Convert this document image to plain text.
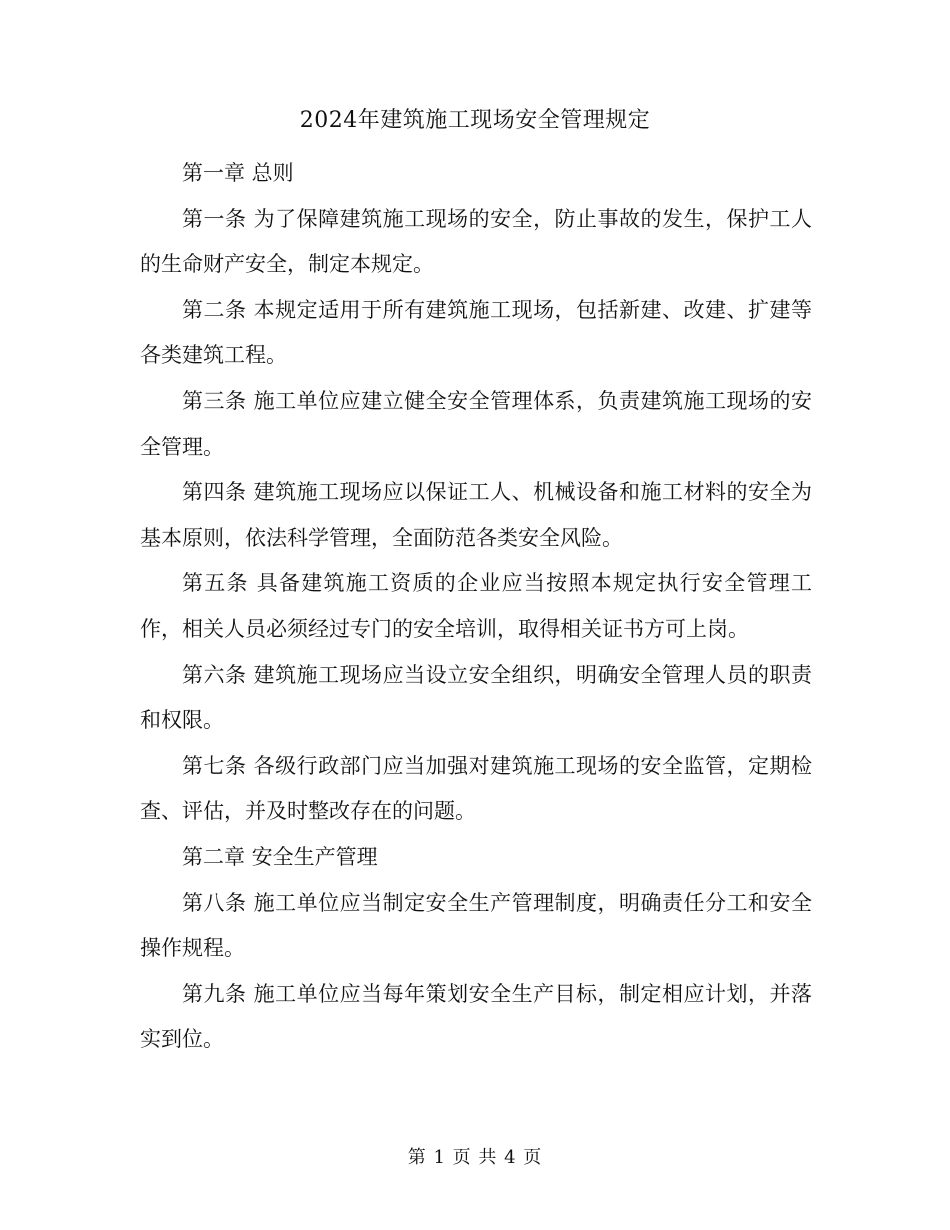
2024年建筑施工现场安全管理规定

第一章 总则

第一条 为了保障建筑施工现场的安全，防止事故的发生，保护工人的生命财产安全，制定本规定。

第二条 本规定适用于所有建筑施工现场，包括新建、改建、扩建等各类建筑工程。

第三条 施工单位应建立健全安全管理体系，负责建筑施工现场的安全管理。

第四条 建筑施工现场应以保证工人、机械设备和施工材料的安全为基本原则，依法科学管理，全面防范各类安全风险。

第五条 具备建筑施工资质的企业应当按照本规定执行安全管理工作，相关人员必须经过专门的安全培训，取得相关证书方可上岗。

第六条 建筑施工现场应当设立安全组织，明确安全管理人员的职责和权限。

第七条 各级行政部门应当加强对建筑施工现场的安全监管，定期检查、评估，并及时整改存在的问题。

第二章 安全生产管理

第八条 施工单位应当制定安全生产管理制度，明确责任分工和安全操作规程。

第九条 施工单位应当每年策划安全生产目标，制定相应计划，并落实到位。

第 1 页 共 4 页
